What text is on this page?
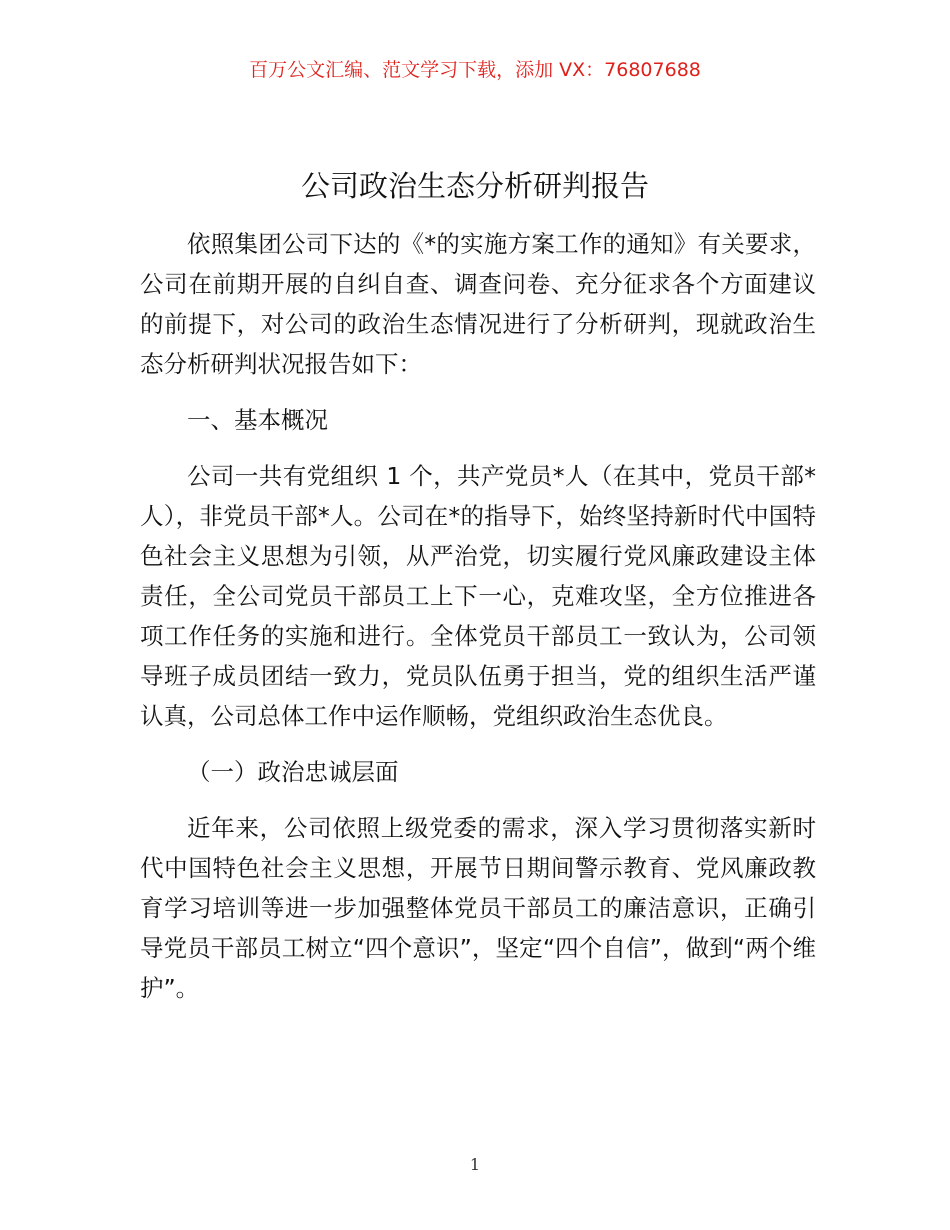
百万公文汇编、范文学习下载，添加 VX：76807688
公司政治生态分析研判报告

依照集团公司下达的《*的实施方案工作的通知》有关要求，公司在前期开展的自纠自查、调查问卷、充分征求各个方面建议的前提下，对公司的政治生态情况进行了分析研判，现就政治生态分析研判状况报告如下：

一、基本概况

公司一共有党组织 1 个，共产党员*人（在其中，党员干部*人），非党员干部*人。公司在*的指导下，始终坚持新时代中国特色社会主义思想为引领，从严治党，切实履行党风廉政建设主体责任，全公司党员干部员工上下一心，克难攻坚，全方位推进各项工作任务的实施和进行。全体党员干部员工一致认为，公司领导班子成员团结一致力，党员队伍勇于担当，党的组织生活严谨认真，公司总体工作中运作顺畅，党组织政治生态优良。

（一）政治忠诚层面

近年来，公司依照上级党委的需求，深入学习贯彻落实新时代中国特色社会主义思想，开展节日期间警示教育、党风廉政教育学习培训等进一步加强整体党员干部员工的廉洁意识，正确引导党员干部员工树立“四个意识”，坚定“四个自信”，做到“两个维护”。

1
